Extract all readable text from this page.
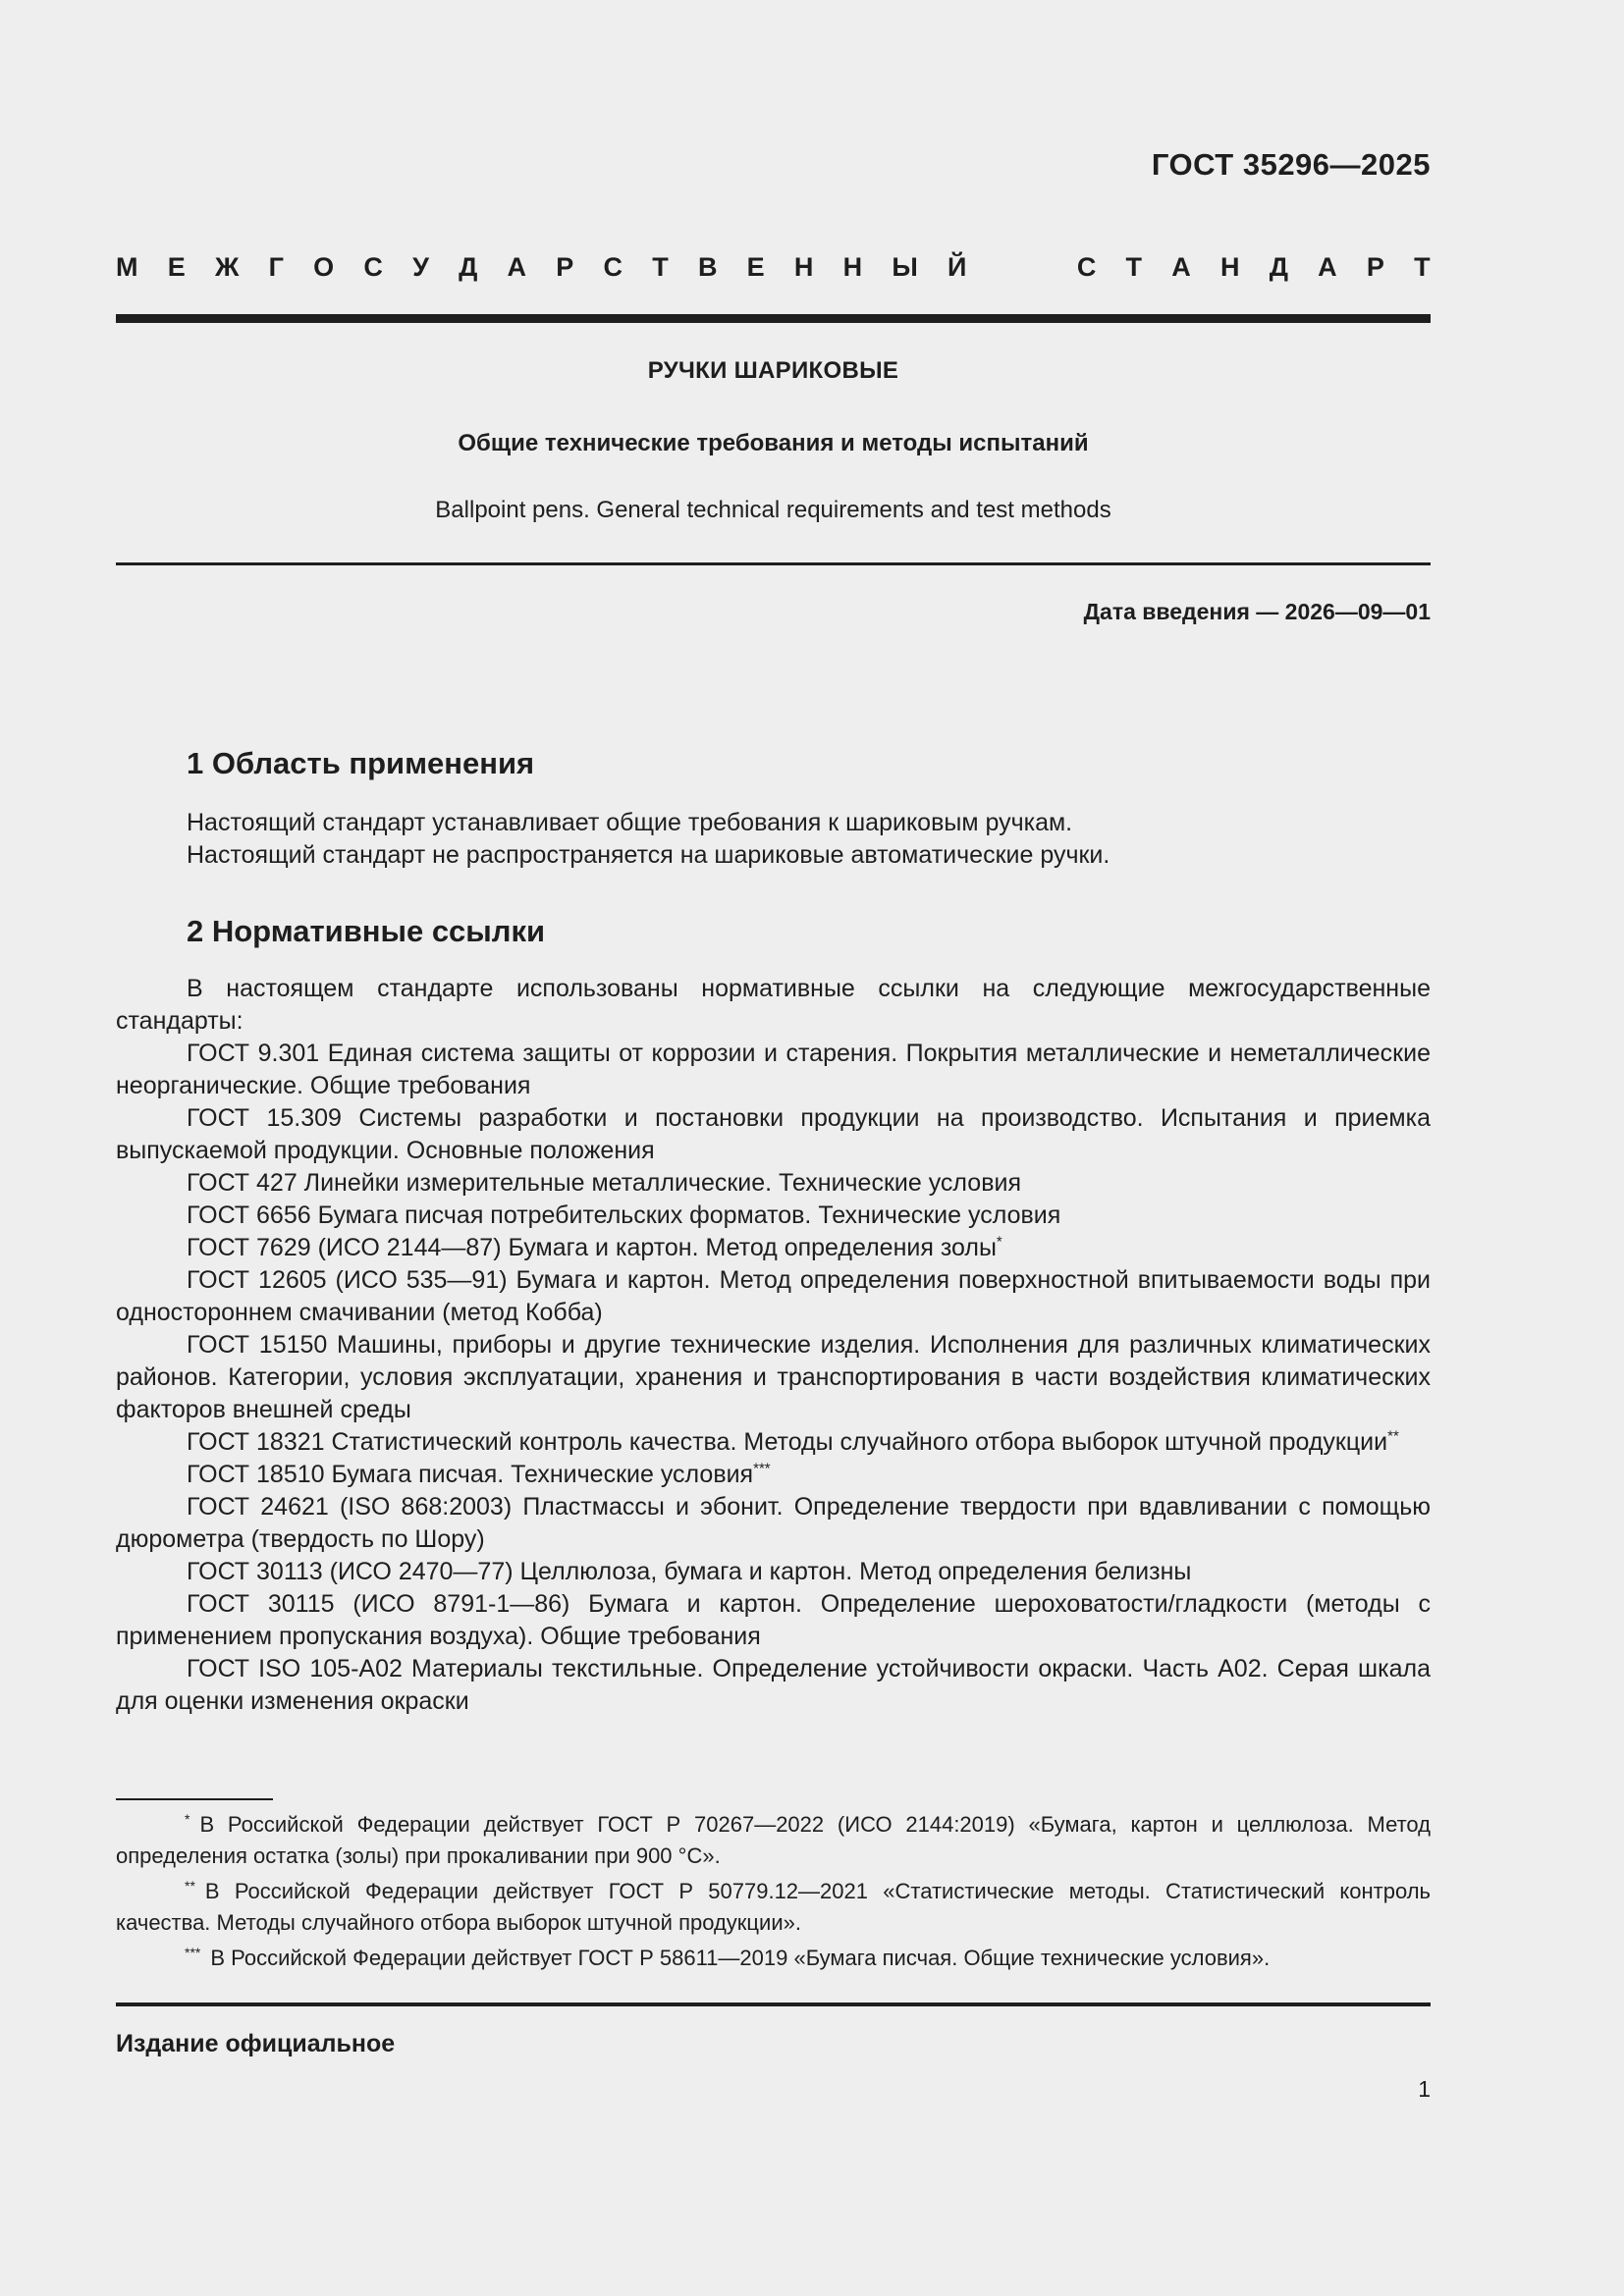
ГОСТ 35296—2025
М Е Ж Г О С У Д А Р С Т В Е Н Н Ы Й	С Т А Н Д А Р Т
РУЧКИ ШАРИКОВЫЕ
Общие технические требования и методы испытаний
Ballpoint pens. General technical requirements and test methods
Дата введения — 2026—09—01
1 Область применения

Настоящий стандарт устанавливает общие требования к шариковым ручкам.

Настоящий стандарт не распространяется на шариковые автоматические ручки.

2 Нормативные ссылки

В настоящем стандарте использованы нормативные ссылки на следующие межгосударственные стандарты:

ГОСТ 9.301 Единая система защиты от коррозии и старения. Покрытия металлические и неметаллические неорганические. Общие требования

ГОСТ 15.309 Системы разработки и постановки продукции на производство. Испытания и приемка выпускаемой продукции. Основные положения

ГОСТ 427 Линейки измерительные металлические. Технические условия

ГОСТ 6656 Бумага писчая потребительских форматов. Технические условия

ГОСТ 7629 (ИСО 2144—87) Бумага и картон. Метод определения золы*

ГОСТ 12605 (ИСО 535—91) Бумага и картон. Метод определения поверхностной впитываемости воды при одностороннем смачивании (метод Кобба)

ГОСТ 15150 Машины, приборы и другие технические изделия. Исполнения для различных климатических районов. Категории, условия эксплуатации, хранения и транспортирования в части воздействия климатических факторов внешней среды

ГОСТ 18321 Статистический контроль качества. Методы случайного отбора выборок штучной продукции**

ГОСТ 18510 Бумага писчая. Технические условия***

ГОСТ 24621 (ISO 868:2003) Пластмассы и эбонит. Определение твердости при вдавливании с помощью дюрометра (твердость по Шору)

ГОСТ 30113 (ИСО 2470—77) Целлюлоза, бумага и картон. Метод определения белизны

ГОСТ 30115 (ИСО 8791-1—86) Бумага и картон. Определение шероховатости/гладкости (методы с применением пропускания воздуха). Общие требования

ГОСТ ISO 105-A02 Материалы текстильные. Определение устойчивости окраски. Часть A02. Серая шкала для оценки изменения окраски

* В Российской Федерации действует ГОСТ Р 70267—2022 (ИСО 2144:2019) «Бумага, картон и целлюлоза. Метод определения остатка (золы) при прокаливании при 900 °С».

** В Российской Федерации действует ГОСТ Р 50779.12—2021 «Статистические методы. Статистический контроль качества. Методы случайного отбора выборок штучной продукции».

*** В Российской Федерации действует ГОСТ Р 58611—2019 «Бумага писчая. Общие технические условия».

Издание официальное
1
